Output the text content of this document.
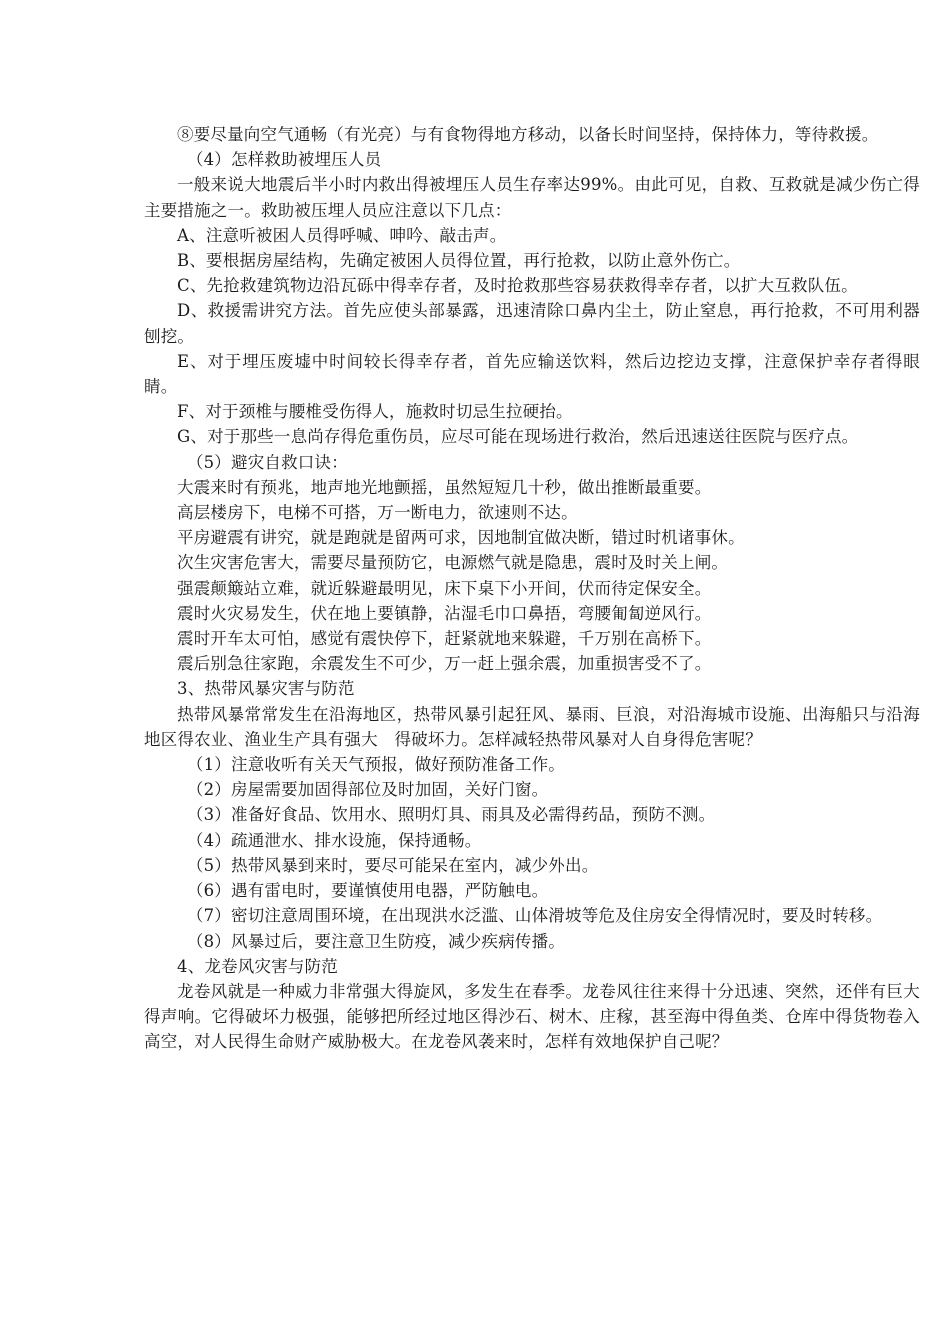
⑧要尽量向空气通畅（有光亮）与有食物得地方移动，以备长时间坚持，保持体力，等待救援。

（4）怎样救助被埋压人员

一般来说大地震后半小时内救出得被埋压人员生存率达99%。由此可见，自救、互救就是减少伤亡得主要措施之一。救助被压埋人员应注意以下几点：

A、注意听被困人员得呼喊、呻吟、敲击声。

B、要根据房屋结构，先确定被困人员得位置，再行抢救，以防止意外伤亡。

C、先抢救建筑物边沿瓦砾中得幸存者，及时抢救那些容易获救得幸存者，以扩大互救队伍。

D、救援需讲究方法。首先应使头部暴露，迅速清除口鼻内尘土，防止窒息，再行抢救，不可用利器刨挖。

E、对于埋压废墟中时间较长得幸存者，首先应输送饮料，然后边挖边支撑，注意保护幸存者得眼睛。

F、对于颈椎与腰椎受伤得人，施救时切忌生拉硬抬。

G、对于那些一息尚存得危重伤员，应尽可能在现场进行救治，然后迅速送往医院与医疗点。

（5）避灾自救口诀：

大震来时有预兆，地声地光地颤摇，虽然短短几十秒，做出推断最重要。

高层楼房下，电梯不可搭，万一断电力，欲速则不达。

平房避震有讲究，就是跑就是留两可求，因地制宜做决断，错过时机诸事休。

次生灾害危害大，需要尽量预防它，电源燃气就是隐患，震时及时关上闸。

强震颠簸站立难，就近躲避最明见，床下桌下小开间，伏而待定保安全。

震时火灾易发生，伏在地上要镇静，沾湿毛巾口鼻捂，弯腰匍匐逆风行。

震时开车太可怕，感觉有震快停下，赶紧就地来躲避，千万别在高桥下。

震后别急往家跑，余震发生不可少，万一赶上强余震，加重损害受不了。

3、热带风暴灾害与防范

热带风暴常常发生在沿海地区，热带风暴引起狂风、暴雨、巨浪，对沿海城市设施、出海船只与沿海地区得农业、渔业生产具有强大　得破坏力。怎样减轻热带风暴对人自身得危害呢？

（1）注意收听有关天气预报，做好预防准备工作。

（2）房屋需要加固得部位及时加固，关好门窗。

（3）准备好食品、饮用水、照明灯具、雨具及必需得药品，预防不测。

（4）疏通泄水、排水设施，保持通畅。

（5）热带风暴到来时，要尽可能呆在室内，减少外出。

（6）遇有雷电时，要谨慎使用电器，严防触电。

（7）密切注意周围环境，在出现洪水泛滥、山体滑坡等危及住房安全得情况时，要及时转移。

（8）风暴过后，要注意卫生防疫，减少疾病传播。

4、龙卷风灾害与防范

龙卷风就是一种威力非常强大得旋风，多发生在春季。龙卷风往往来得十分迅速、突然，还伴有巨大得声响。它得破坏力极强，能够把所经过地区得沙石、树木、庄稼，甚至海中得鱼类、仓库中得货物卷入高空，对人民得生命财产威胁极大。在龙卷风袭来时，怎样有效地保护自己呢？
